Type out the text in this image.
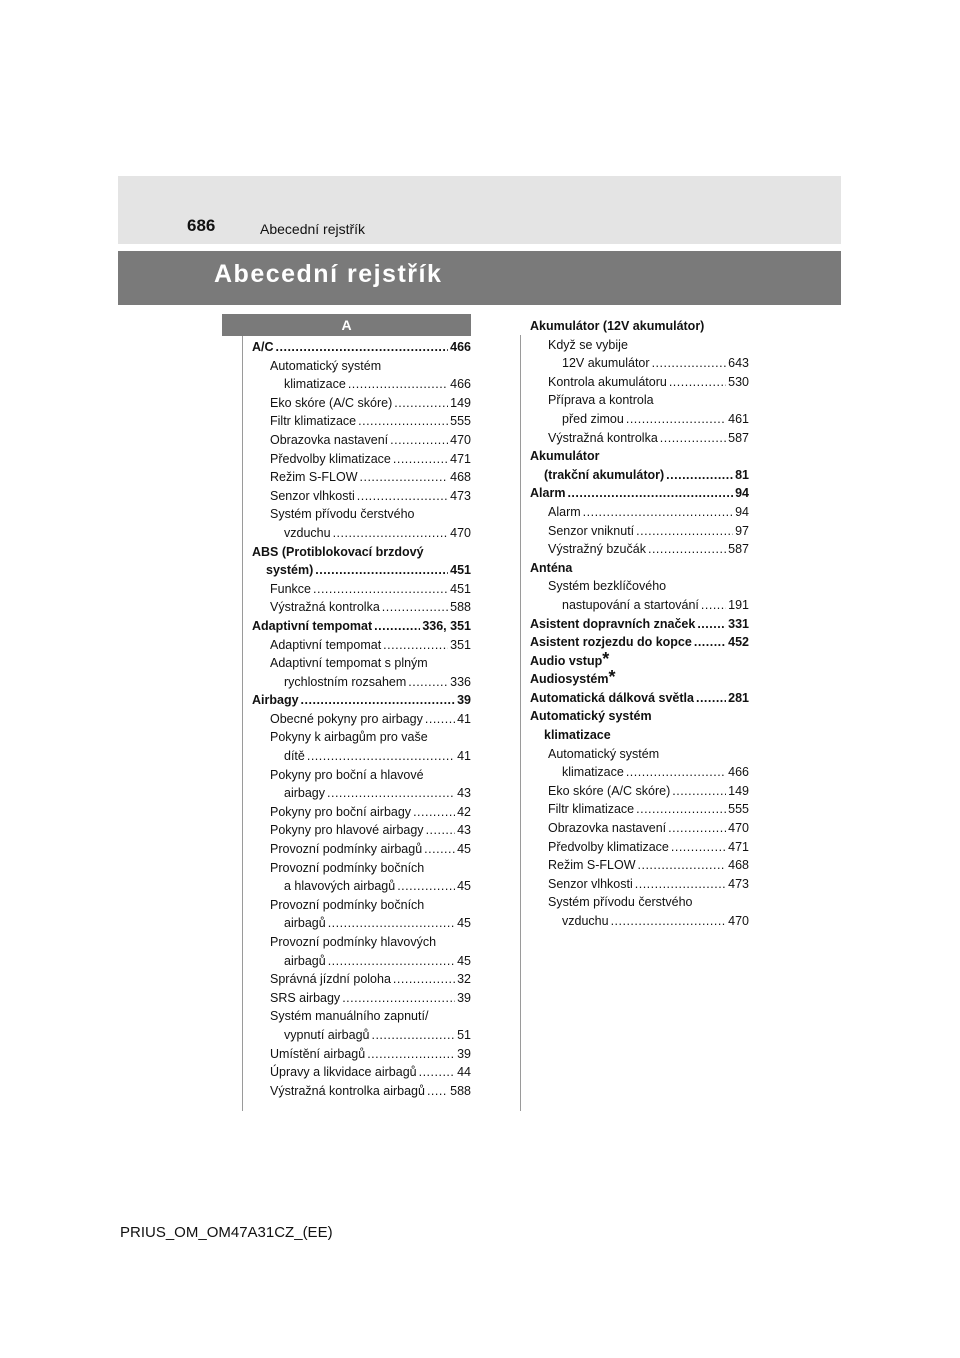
686	Abecední rejstřík
Abecední rejstřík
A
A/C .....	466
Automatický systém
klimatizace .....	466
Eko skóre (A/C skóre) .....	149
Filtr klimatizace .....	555
Obrazovka nastavení .....	470
Předvolby klimatizace .....	471
Režim S-FLOW .....	468
Senzor vlhkosti .....	473
Systém přívodu čerstvého
vzduchu .....	470
ABS (Protiblokovací brzdový
systém) .....	451
Funkce .....	451
Výstražná kontrolka .....	588
Adaptivní tempomat .....	336, 351
Adaptivní tempomat .....	351
Adaptivní tempomat s plným
rychlostním rozsahem .....	336
Airbagy .....	39
Obecné pokyny pro airbagy .....	41
Pokyny k airbagům pro vaše
dítě .....	41
Pokyny pro boční a hlavové
airbagy .....	43
Pokyny pro boční airbagy .....	42
Pokyny pro hlavové airbagy .....	43
Provozní podmínky airbagů .....	45
Provozní podmínky bočních
a hlavových airbagů .....	45
Provozní podmínky bočních
airbagů .....	45
Provozní podmínky hlavových
airbagů .....	45
Správná jízdní poloha .....	32
SRS airbagy .....	39
Systém manuálního zapnutí/
vypnutí airbagů .....	51
Umístění airbagů .....	39
Úpravy a likvidace airbagů .....	44
Výstražná kontrolka airbagů ..... 588
Akumulátor (12V akumulátor)
Když se vybije
12V akumulátor .....	643
Kontrola akumulátoru .....	530
Příprava a kontrola
před zimou .....	461
Výstražná kontrolka .....	587
Akumulátor
(trakční akumulátor) .....	81
Alarm .....	94
Alarm .....	94
Senzor vniknutí .....	97
Výstražný bzučák .....	587
Anténa
Systém bezklíčového
nastupování a startování ..... 191
Asistent dopravních značek .....	331
Asistent rozjezdu do kopce .....	452
Audio vstup *
Audiosystém *
Automatická dálková světla .....	281
Automatický systém
klimatizace
Automatický systém
klimatizace .....	466
Eko skóre (A/C skóre) .....	149
Filtr klimatizace .....	555
Obrazovka nastavení .....	470
Předvolby klimatizace .....	471
Režim S-FLOW .....	468
Senzor vlhkosti .....	473
Systém přívodu čerstvého
vzduchu .....	470
PRIUS_OM_OM47A31CZ_(EE)
